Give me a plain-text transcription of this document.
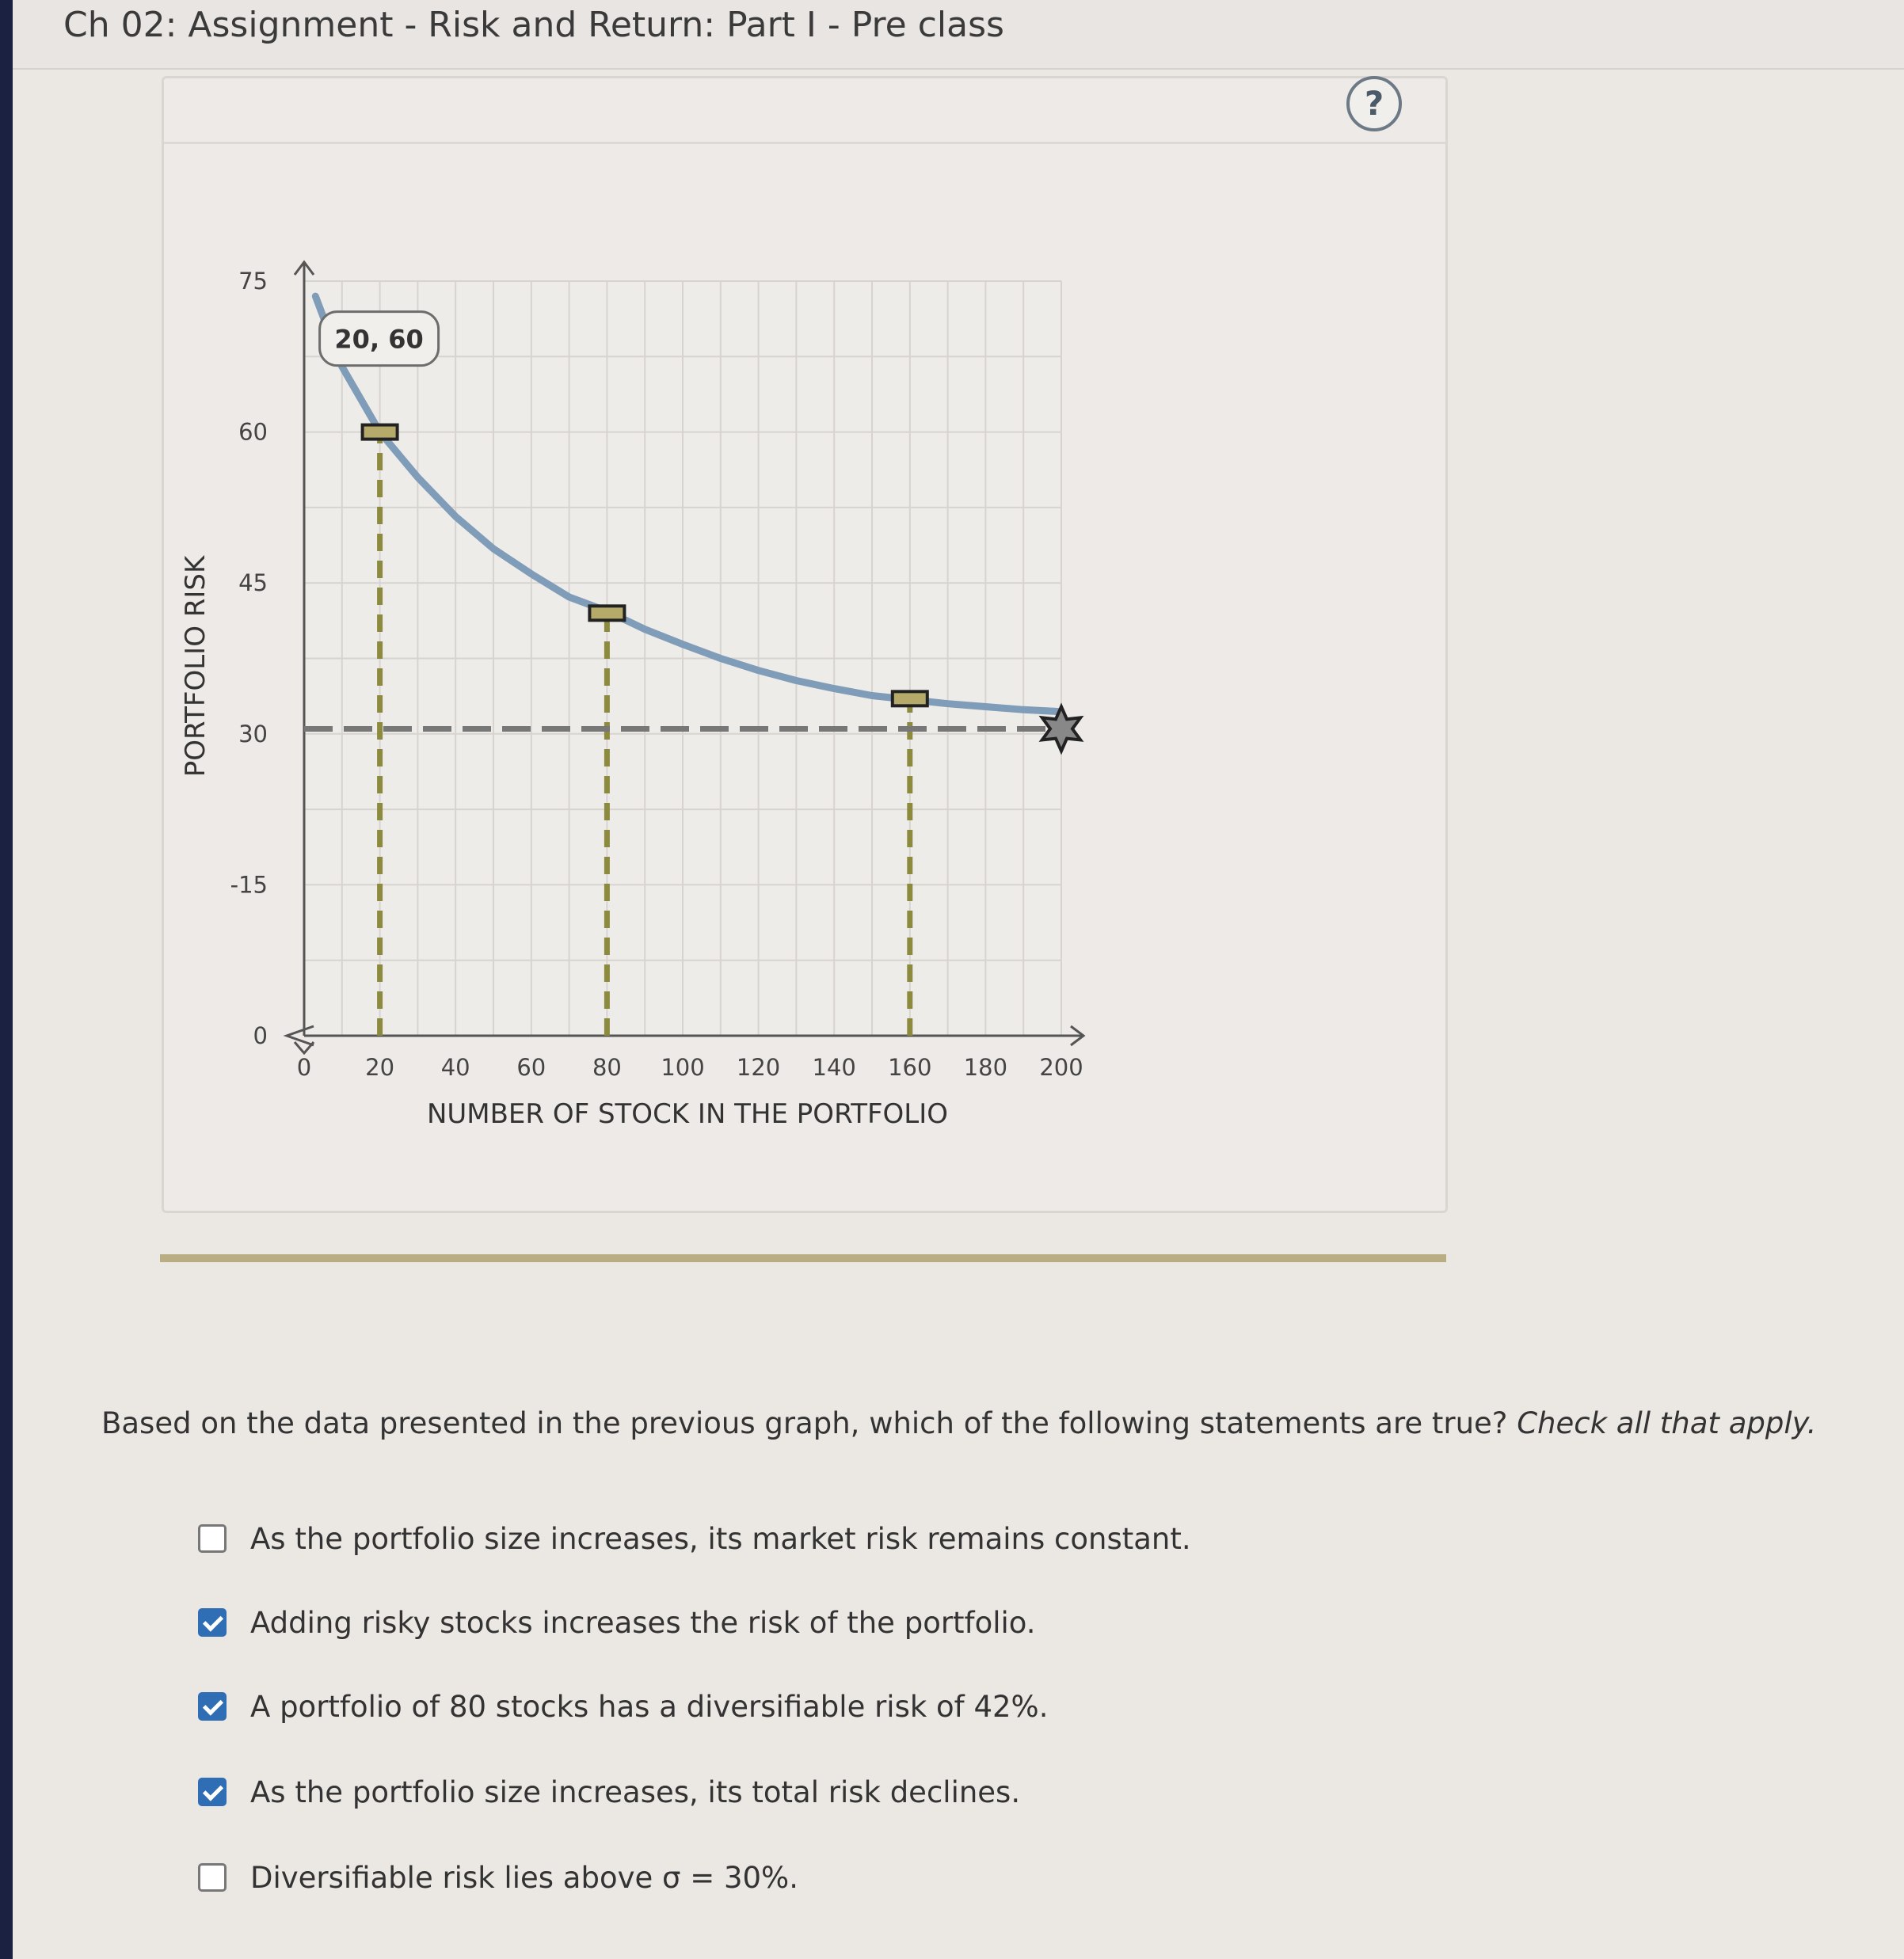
Ch 02: Assignment - Risk and Return: Part I - Pre class
?
0 20 40 60 80 100 120 140 160 180 200
0
-15
30
45
60
75
NUMBER OF STOCK IN THE PORTFOLIO
PORTFOLIO RISK
20, 60
Based on the data presented in the previous graph, which of the following statements are true? Check all that apply.
As the portfolio size increases, its market risk remains constant.
Adding risky stocks increases the risk of the portfolio.
A portfolio of 80 stocks has a diversifiable risk of 42%.
As the portfolio size increases, its total risk declines.
Diversifiable risk lies above σ = 30%.
